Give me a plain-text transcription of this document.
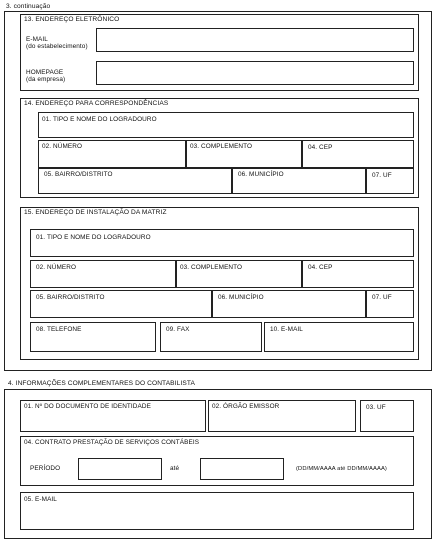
3. continuação
13. ENDEREÇO ELETRÔNICO
E-MAIL
(do estabelecimento)
HOMEPAGE
(da empresa)
14. ENDEREÇO PARA CORRESPONDÊNCIAS
01. TIPO E NOME DO LOGRADOURO
02. NÚMERO	03. COMPLEMENTO	04. CEP
05. BAIRRO/DISTRITO	06. MUNICÍPIO	07. UF
15. ENDEREÇO DE INSTALAÇÃO DA MATRIZ
01. TIPO E NOME DO LOGRADOURO
02. NÚMERO	03. COMPLEMENTO	04. CEP
05. BAIRRO/DISTRITO	06. MUNICÍPIO	07. UF
08. TELEFONE	09. FAX	10. E-MAIL
4. INFORMAÇÕES COMPLEMENTARES DO CONTABILISTA
01. Nº DO DOCUMENTO DE IDENTIDADE	02. ÓRGÃO EMISSOR	03. UF
04. CONTRATO PRESTAÇÃO DE SERVIÇOS CONTÁBEIS
PERÍODO	até	(DD/MM/AAAA até DD/MM/AAAA)
05. E-MAIL
